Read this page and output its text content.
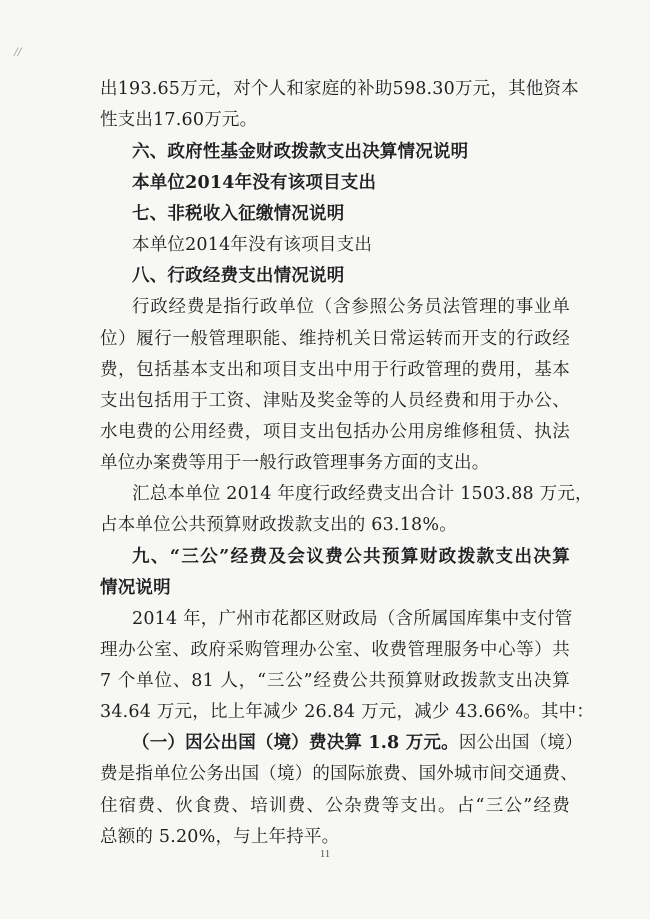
//
出193.65万元，对个人和家庭的补助598.30万元，其他资本
性支出17.60万元。
六、政府性基金财政拨款支出决算情况说明
本单位2014年没有该项目支出
七、非税收入征缴情况说明
本单位2014年没有该项目支出
八、行政经费支出情况说明
行政经费是指行政单位（含参照公务员法管理的事业单
位）履行一般管理职能、维持机关日常运转而开支的行政经
费，包括基本支出和项目支出中用于行政管理的费用，基本
支出包括用于工资、津贴及奖金等的人员经费和用于办公、
水电费的公用经费，项目支出包括办公用房维修租赁、执法
单位办案费等用于一般行政管理事务方面的支出。
汇总本单位 2014 年度行政经费支出合计 1503.88 万元，
占本单位公共预算财政拨款支出的 63.18%。
九、“三公”经费及会议费公共预算财政拨款支出决算
情况说明
2014 年，广州市花都区财政局（含所属国库集中支付管
理办公室、政府采购管理办公室、收费管理服务中心等）共
7 个单位、81 人，“三公”经费公共预算财政拨款支出决算
34.64 万元，比上年减少 26.84 万元，减少 43.66%。其中：
（一）因公出国（境）费决算 1.8 万元。因公出国（境）
费是指单位公务出国（境）的国际旅费、国外城市间交通费、
住宿费、伙食费、培训费、公杂费等支出。占“三公”经费
总额的 5.20%，与上年持平。
11
